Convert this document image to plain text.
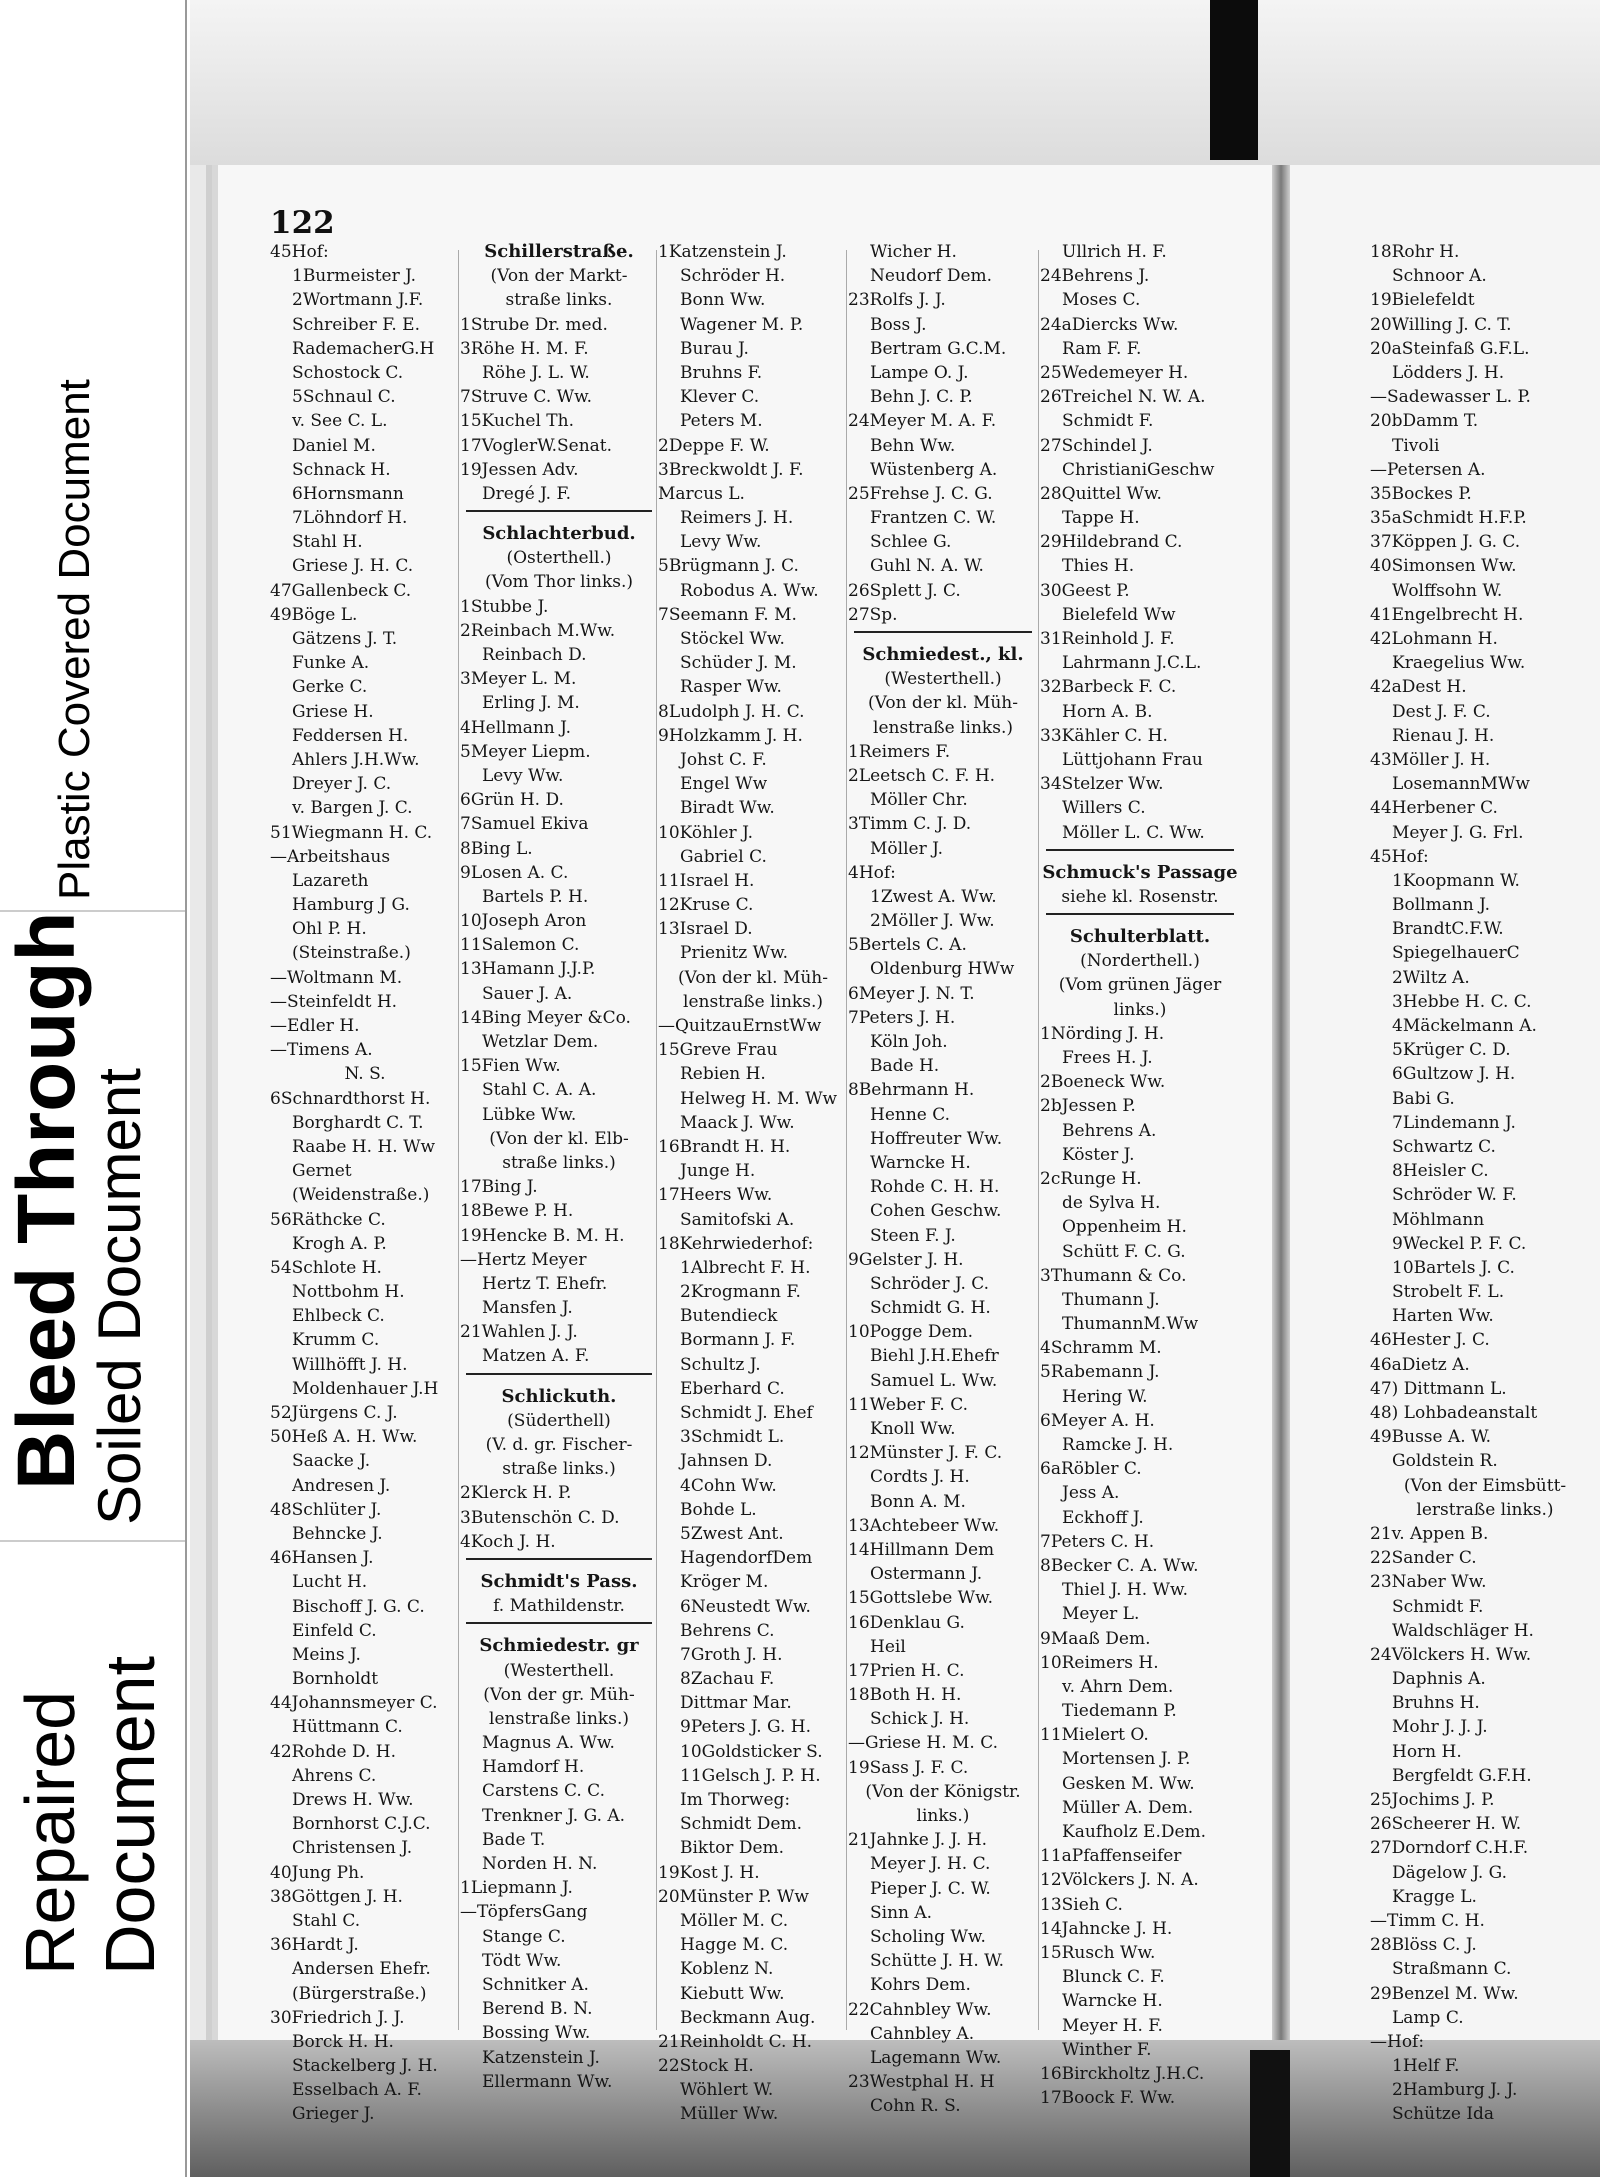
Plastic Covered Document
Bleed Through
Soiled Document
Repaired Document
122
45Hof:
1Burmeister J.
2Wortmann J.F.
Schreiber F. E.
RademacherG.H
Schostock C.
5Schnaul C.
v. See C. L.
Daniel M.
Schnack H.
6Hornsmann
7Löhndorf H.
Stahl H.
Griese J. H. C.
47Gallenbeck C.
49Böge L.
Gätzens J. T.
Funke A.
Gerke C.
Griese H.
Feddersen H.
Ahlers J.H.Ww.
Dreyer J. C.
v. Bargen J. C.
51Wiegmann H. C.
—Arbeitshaus
Lazareth
Hamburg J G.
Ohl P. H.
(Steinstraße.)
—Woltmann M.
—Steinfeldt H.
—Edler H.
—Timens A.
N. S.
6Schnardthorst H.
Borghardt C. T.
Raabe H. H. Ww
Gernet
(Weidenstraße.)
56Räthcke C.
Krogh A. P.
54Schlote H.
Nottbohm H.
Ehlbeck C.
Krumm C.
Willhöfft J. H.
Moldenhauer J.H
52Jürgens C. J.
50Heß A. H. Ww.
Saacke J.
Andresen J.
48Schlüter J.
Behncke J.
46Hansen J.
Lucht H.
Bischoff J. G. C.
Einfeld C.
Meins J.
Bornholdt
44Johannsmeyer C.
Hüttmann C.
42Rohde D. H.
Ahrens C.
Drews H. Ww.
Bornhorst C.J.C.
Christensen J.
40Jung Ph.
38Göttgen J. H.
Stahl C.
36Hardt J.
Andersen Ehefr.
(Bürgerstraße.)
30Friedrich J. J.
Borck H. H.
Stackelberg J. H.
Esselbach A. F.
Grieger J.
Schillerstraße.
(Von der Markt-
straße links.
1Strube Dr. med.
3Röhe H. M. F.
Röhe J. L. W.
7Struve C. Ww.
15Kuchel Th.
17VoglerW.Senat.
19Jessen Adv.
Dregé J. F.
Schlachterbud.
(Osterthell.)
(Vom Thor links.)
1Stubbe J.
2Reinbach M.Ww.
Reinbach D.
3Meyer L. M.
Erling J. M.
4Hellmann J.
5Meyer Liepm.
Levy Ww.
6Grün H. D.
7Samuel Ekiva
8Bing L.
9Losen A. C.
Bartels P. H.
10Joseph Aron
11Salemon C.
13Hamann J.J.P.
Sauer J. A.
14Bing Meyer &Co.
Wetzlar Dem.
15Fien Ww.
Stahl C. A. A.
Lübke Ww.
(Von der kl. Elb-
straße links.)
17Bing J.
18Bewe P. H.
19Hencke B. M. H.
—Hertz Meyer
Hertz T. Ehefr.
Mansfen J.
21Wahlen J. J.
Matzen A. F.
Schlickuth.
(Süderthell)
(V. d. gr. Fischer-
straße links.)
2Klerck H. P.
3Butenschön C. D.
4Koch J. H.
Schmidt's Pass.
f. Mathildenstr.
Schmiedestr. gr
(Westerthell.
(Von der gr. Müh-
lenstraße links.)
Magnus A. Ww.
Hamdorf H.
Carstens C. C.
Trenkner J. G. A.
Bade T.
Norden H. N.
1Liepmann J.
—TöpfersGang
Stange C.
Tödt Ww.
Schnitker A.
Berend B. N.
Bossing Ww.
Katzenstein J.
Ellermann Ww.
1Katzenstein J.
Schröder H.
Bonn Ww.
Wagener M. P.
Burau J.
Bruhns F.
Klever C.
Peters M.
2Deppe F. W.
3Breckwoldt J. F.
Marcus L.
Reimers J. H.
Levy Ww.
5Brügmann J. C.
Robodus A. Ww.
7Seemann F. M.
Stöckel Ww.
Schüder J. M.
Rasper Ww.
8Ludolph J. H. C.
9Holzkamm J. H.
Johst C. F.
Engel Ww
Biradt Ww.
10Köhler J.
Gabriel C.
11Israel H.
12Kruse C.
13Israel D.
Prienitz Ww.
(Von der kl. Müh-
lenstraße links.)
—QuitzauErnstWw
15Greve Frau
Rebien H.
Helweg H. M. Ww
Maack J. Ww.
16Brandt H. H.
Junge H.
17Heers Ww.
Samitofski A.
18Kehrwiederhof:
1Albrecht F. H.
2Krogmann F.
Butendieck
Bormann J. F.
Schultz J.
Eberhard C.
Schmidt J. Ehef
3Schmidt L.
Jahnsen D.
4Cohn Ww.
Bohde L.
5Zwest Ant.
HagendorfDem
Kröger M.
6Neustedt Ww.
Behrens C.
7Groth J. H.
8Zachau F.
Dittmar Mar.
9Peters J. G. H.
10Goldsticker S.
11Gelsch J. P. H.
Im Thorweg:
Schmidt Dem.
Biktor Dem.
19Kost J. H.
20Münster P. Ww
Möller M. C.
Hagge M. C.
Koblenz N.
Kiebutt Ww.
Beckmann Aug.
21Reinholdt C. H.
22Stock H.
Wöhlert W.
Müller Ww.
Wicher H.
Neudorf Dem.
23Rolfs J. J.
Boss J.
Bertram G.C.M.
Lampe O. J.
Behn J. C. P.
24Meyer M. A. F.
Behn Ww.
Wüstenberg A.
25Frehse J. C. G.
Frantzen C. W.
Schlee G.
Guhl N. A. W.
26Splett J. C.
27Sp.
Schmiedest., kl.
(Westerthell.)
(Von der kl. Müh-
lenstraße links.)
1Reimers F.
2Leetsch C. F. H.
Möller Chr.
3Timm C. J. D.
Möller J.
4Hof:
1Zwest A. Ww.
2Möller J. Ww.
5Bertels C. A.
Oldenburg HWw
6Meyer J. N. T.
7Peters J. H.
Köln Joh.
Bade H.
8Behrmann H.
Henne C.
Hoffreuter Ww.
Warncke H.
Rohde C. H. H.
Cohen Geschw.
Steen F. J.
9Gelster J. H.
Schröder J. C.
Schmidt G. H.
10Pogge Dem.
Biehl J.H.Ehefr
Samuel L. Ww.
11Weber F. C.
Knoll Ww.
12Münster J. F. C.
Cordts J. H.
Bonn A. M.
13Achtebeer Ww.
14Hillmann Dem
Ostermann J.
15Gottslebe Ww.
16Denklau G.
Heil
17Prien H. C.
18Both H. H.
Schick J. H.
—Griese H. M. C.
19Sass J. F. C.
(Von der Königstr.
links.)
21Jahnke J. J. H.
Meyer J. H. C.
Pieper J. C. W.
Sinn A.
Scholing Ww.
Schütte J. H. W.
Kohrs Dem.
22Cahnbley Ww.
Cahnbley A.
Lagemann Ww.
23Westphal H. H
Cohn R. S.
Ullrich H. F.
24Behrens J.
Moses C.
24aDiercks Ww.
Ram F. F.
25Wedemeyer H.
26Treichel N. W. A.
Schmidt F.
27Schindel J.
ChristianiGeschw
28Quittel Ww.
Tappe H.
29Hildebrand C.
Thies H.
30Geest P.
Bielefeld Ww
31Reinhold J. F.
Lahrmann J.C.L.
32Barbeck F. C.
Horn A. B.
33Kähler C. H.
Lüttjohann Frau
34Stelzer Ww.
Willers C.
Möller L. C. Ww.
Schmuck's Passage
siehe kl. Rosenstr.
Schulterblatt.
(Norderthell.)
(Vom grünen Jäger
links.)
1Nörding J. H.
Frees H. J.
2Boeneck Ww.
2bJessen P.
Behrens A.
Köster J.
2cRunge H.
de Sylva H.
Oppenheim H.
Schütt F. C. G.
3Thumann & Co.
Thumann J.
ThumannM.Ww
4Schramm M.
5Rabemann J.
Hering W.
6Meyer A. H.
Ramcke J. H.
6aRöbler C.
Jess A.
Eckhoff J.
7Peters C. H.
8Becker C. A. Ww.
Thiel J. H. Ww.
Meyer L.
9Maaß Dem.
10Reimers H.
v. Ahrn Dem.
Tiedemann P.
11Mielert O.
Mortensen J. P.
Gesken M. Ww.
Müller A. Dem.
Kaufholz E.Dem.
11aPfaffenseifer
12Völckers J. N. A.
13Sieh C.
14Jahncke J. H.
15Rusch Ww.
Blunck C. F.
Warncke H.
Meyer H. F.
Winther F.
16Birckholtz J.H.C.
17Boock F. Ww.
18Rohr H.
Schnoor A.
19Bielefeldt
20Willing J. C. T.
20aSteinfaß G.F.L.
Lödders J. H.
—Sadewasser L. P.
20bDamm T.
Tivoli
—Petersen A.
35Bockes P.
35aSchmidt H.F.P.
37Köppen J. G. C.
40Simonsen Ww.
Wolffsohn W.
41Engelbrecht H.
42Lohmann H.
Kraegelius Ww.
42aDest H.
Dest J. F. C.
Rienau J. H.
43Möller J. H.
LosemannMWw
44Herbener C.
Meyer J. G. Frl.
45Hof:
1Koopmann W.
Bollmann J.
BrandtC.F.W.
SpiegelhauerC
2Wiltz A.
3Hebbe H. C. C.
4Mäckelmann A.
5Krüger C. D.
6Gultzow J. H.
Babi G.
7Lindemann J.
Schwartz C.
8Heisler C.
Schröder W. F.
Möhlmann
9Weckel P. F. C.
10Bartels J. C.
Strobelt F. L.
Harten Ww.
46Hester J. C.
46aDietz A.
47) Dittmann L.
48) Lohbadeanstalt
49Busse A. W.
Goldstein R.
(Von der Eimsbütt-
lerstraße links.)
21v. Appen B.
22Sander C.
23Naber Ww.
Schmidt F.
Waldschläger H.
24Völckers H. Ww.
Daphnis A.
Bruhns H.
Mohr J. J. J.
Horn H.
Bergfeldt G.F.H.
25Jochims J. P.
26Scheerer H. W.
27Dorndorf C.H.F.
Dägelow J. G.
Kragge L.
—Timm C. H.
28Blöss C. J.
Straßmann C.
29Benzel M. Ww.
Lamp C.
—Hof:
1Helf F.
2Hamburg J. J.
Schütze Ida
